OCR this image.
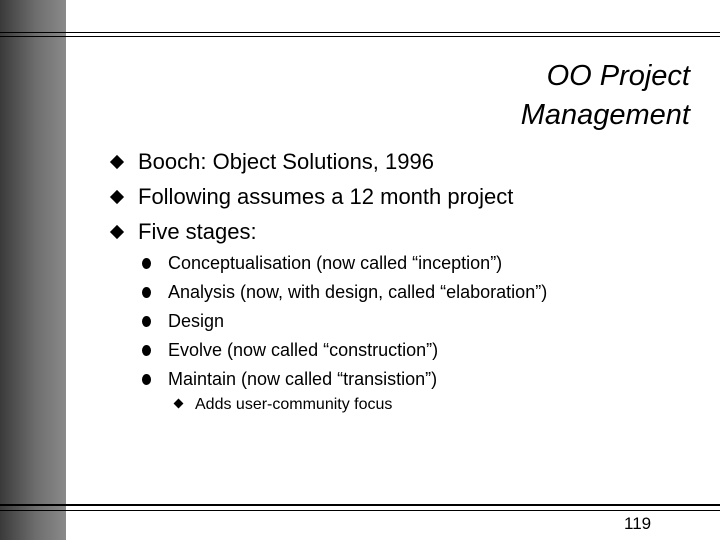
OO Project
Management
Booch: Object Solutions, 1996
Following assumes a 12 month project
Five stages:
Conceptualisation (now called “inception”)
Analysis (now, with design, called “elaboration”)
Design
Evolve (now called “construction”)
Maintain (now called “transistion”)
Adds user-community focus
119
